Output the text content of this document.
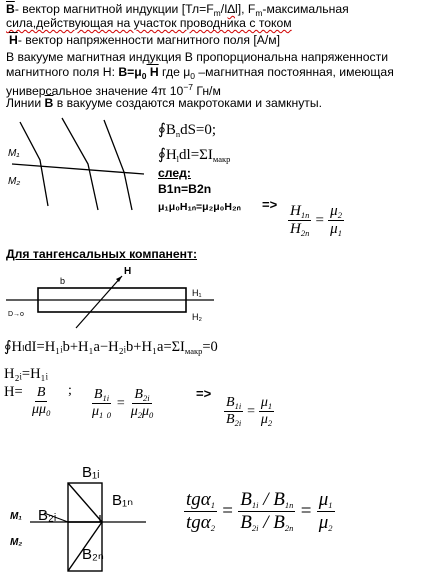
$\overline{B}-$ вектор магнитной индукции $[Тл=F_m/I\Delta l]$, $F_m$-максимальная
сила,действующая на участок проводника с током
$\overline{H}-$ вектор напряженности магнитного поля [А/м]
В вакууме магнитная индукция В пропорциональна напряженности
магнитного поля H: $B=\mu_0$ H где $\mu_0$ –магнитная постоянная, имеющая
универсальное значение 4π $10^{-7}$ Гн/м
Линии $\overline{B}$ в вакууме создаются макротоками и замкнуты.
M₁
M₂
$∮B_ndS=0$;
$∮H_ldl=\Sigma I_{макр}$
след:
B1n=B2n
$\mu_1\mu_0H_{1n}=\mu_2\mu_0H_{2n} => \frac{H_{1n}}{H_{2n}} = \frac{\mu_2}{\mu_1}$
Для тангенсальных компанент:
H
b
D→o
H₁
H₂
$∮H_ldI=H_1ᵢb+H_1a-H_2ᵢb+H_1a=\Sigma I_{макр}=0$
H₂ᵢ=H₁ᵢ
$H= \frac{B}{\mu\mu_0}$ ; $\frac{B_{1i}}{\mu_1 _0} = \frac{B_{2i}}{\mu_2\mu_0}$	=>
$\frac{B_{1i}}{B_{2i}} = \frac{\mu_1}{\mu_2}$
B₁ᵢ
B₁ₙ
B₂ᵢ
B₂ₙ
M₁
M₂
$\frac{tg\alpha_1}{tg\alpha_2} = \frac{B_{1i} / B_{1n}}{B_{2i} / B_{2n}} = \frac{\mu_1}{\mu_2}$
